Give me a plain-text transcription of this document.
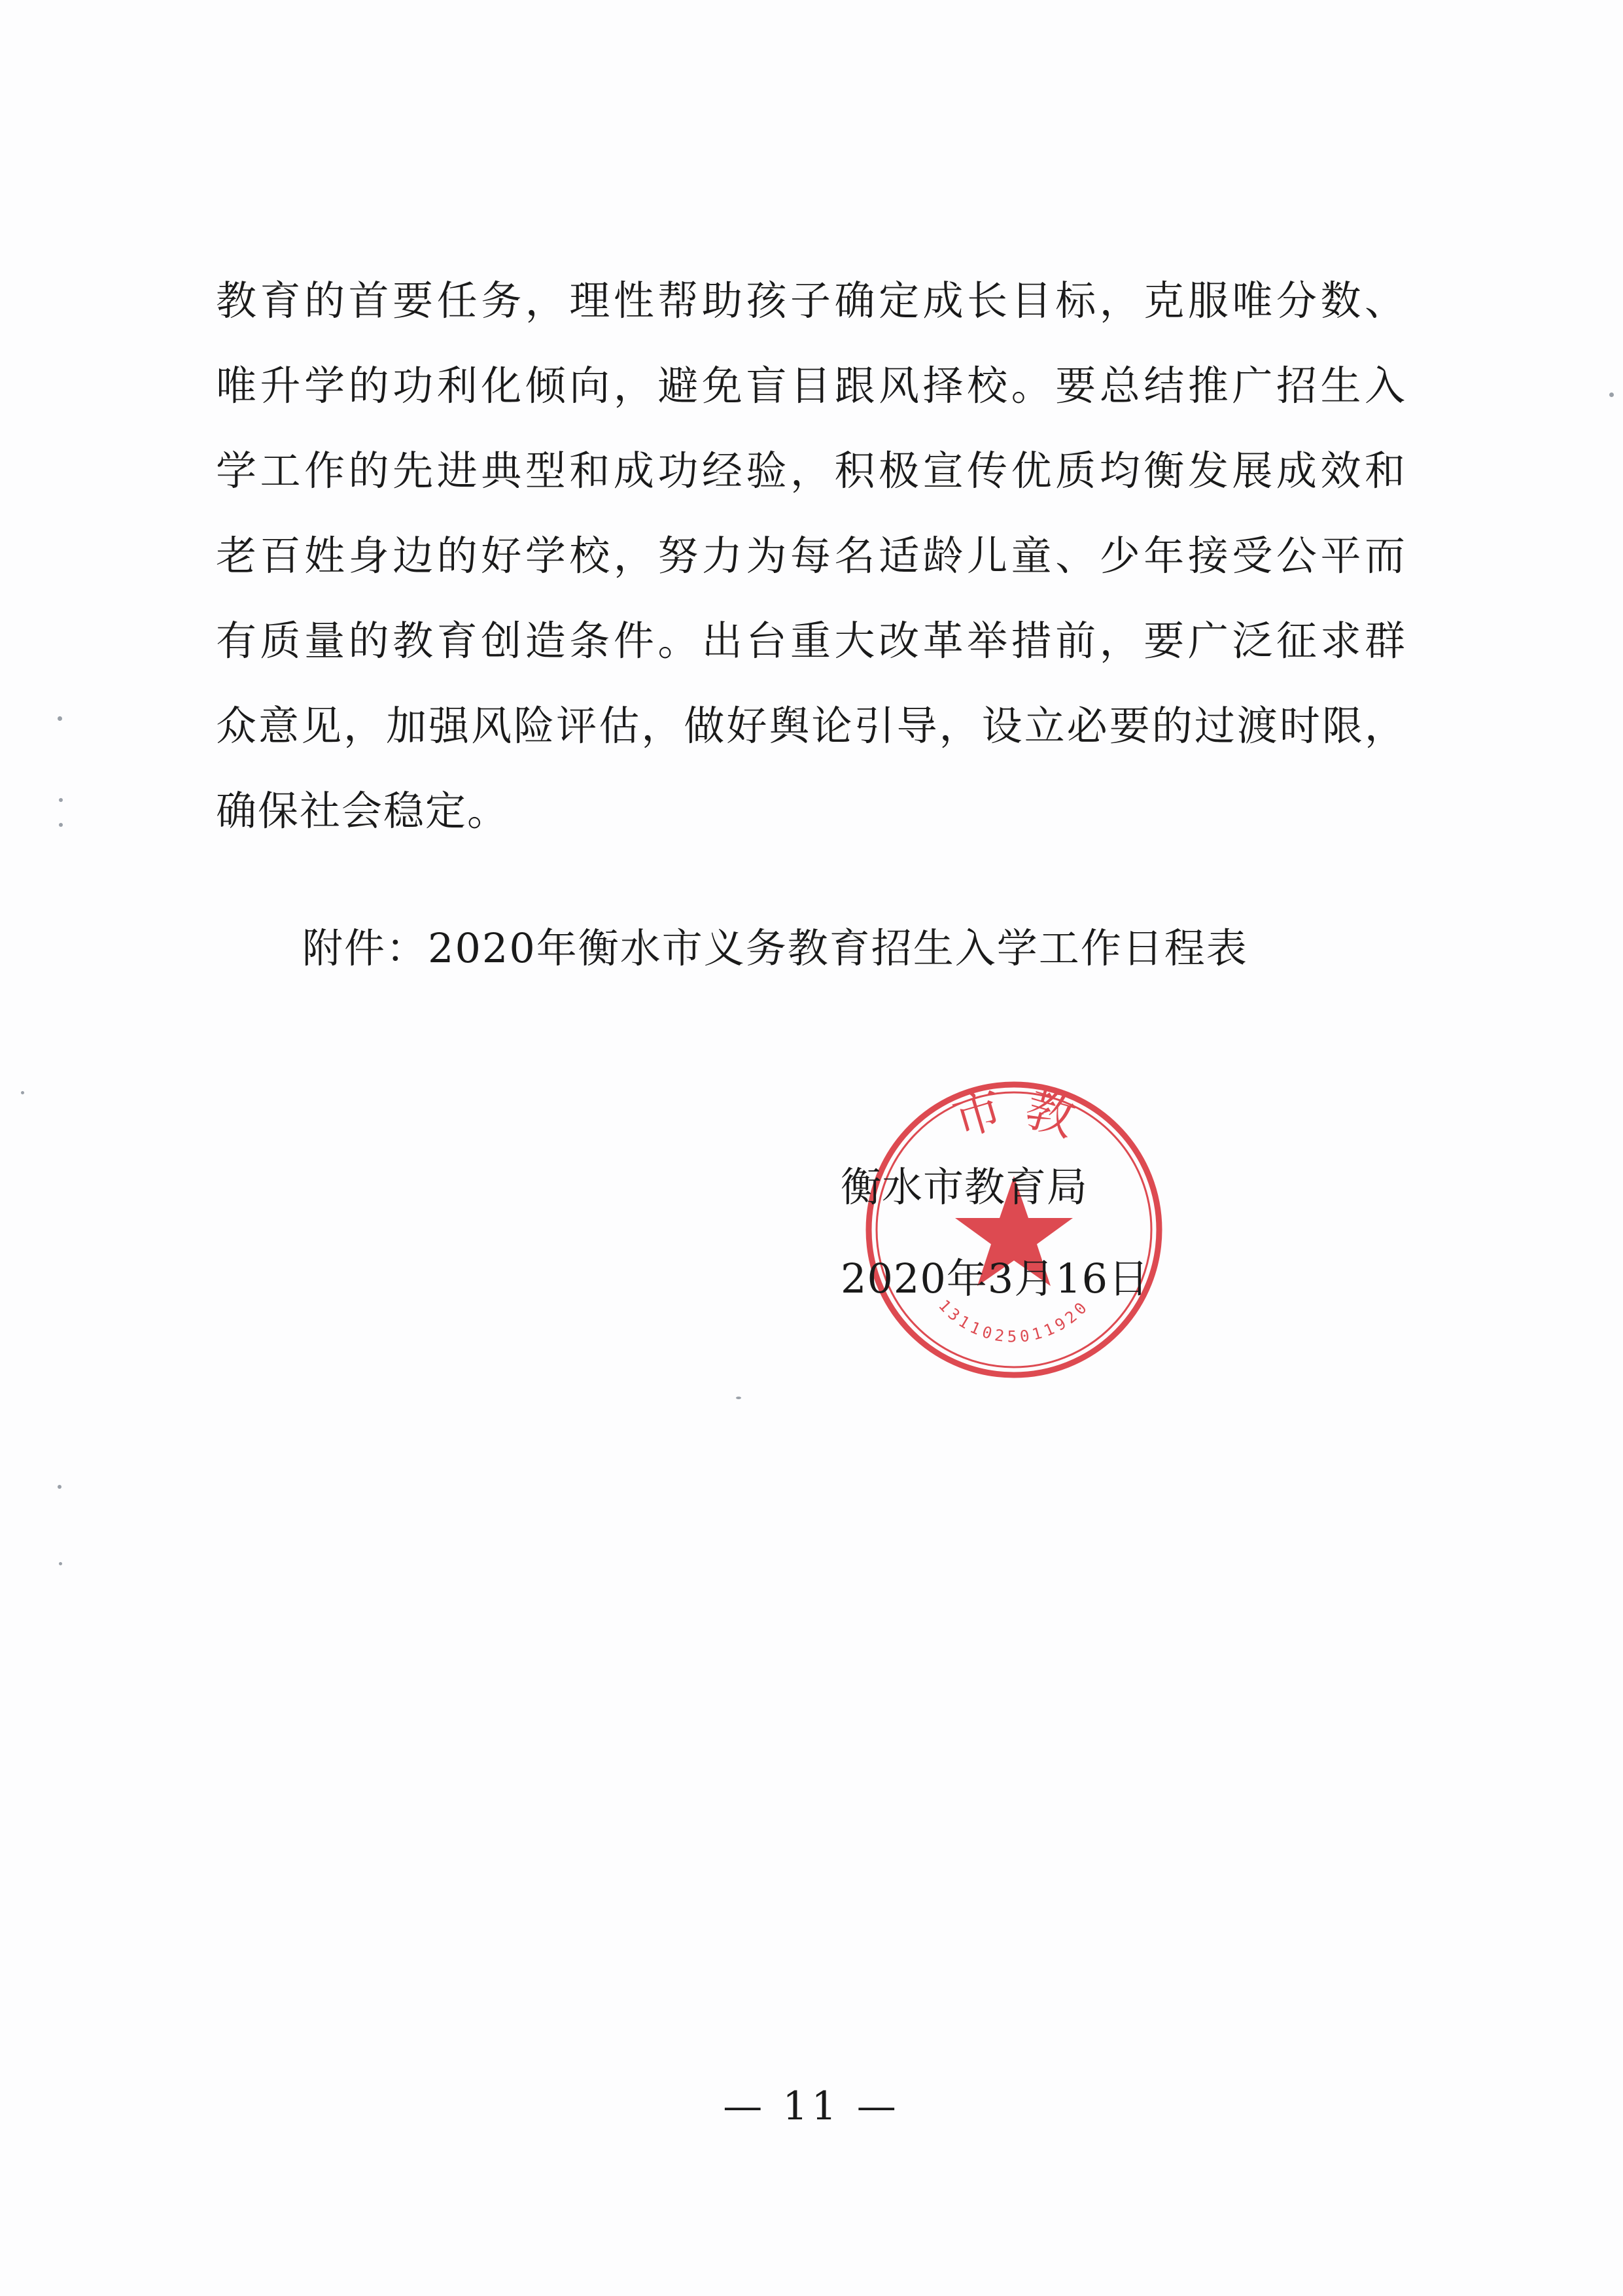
教育的首要任务，理性帮助孩子确定成长目标，克服唯分数、
唯升学的功利化倾向，避免盲目跟风择校。要总结推广招生入
学工作的先进典型和成功经验，积极宣传优质均衡发展成效和
老百姓身边的好学校，努力为每名适龄儿童、少年接受公平而
有质量的教育创造条件。出台重大改革举措前，要广泛征求群
众意见，加强风险评估，做好舆论引导，设立必要的过渡时限，
确保社会稳定。
附件：2020年衡水市义务教育招生入学工作日程表
市 教
1311025011920
衡水市教育局
2020年3月16日
— 11 —
